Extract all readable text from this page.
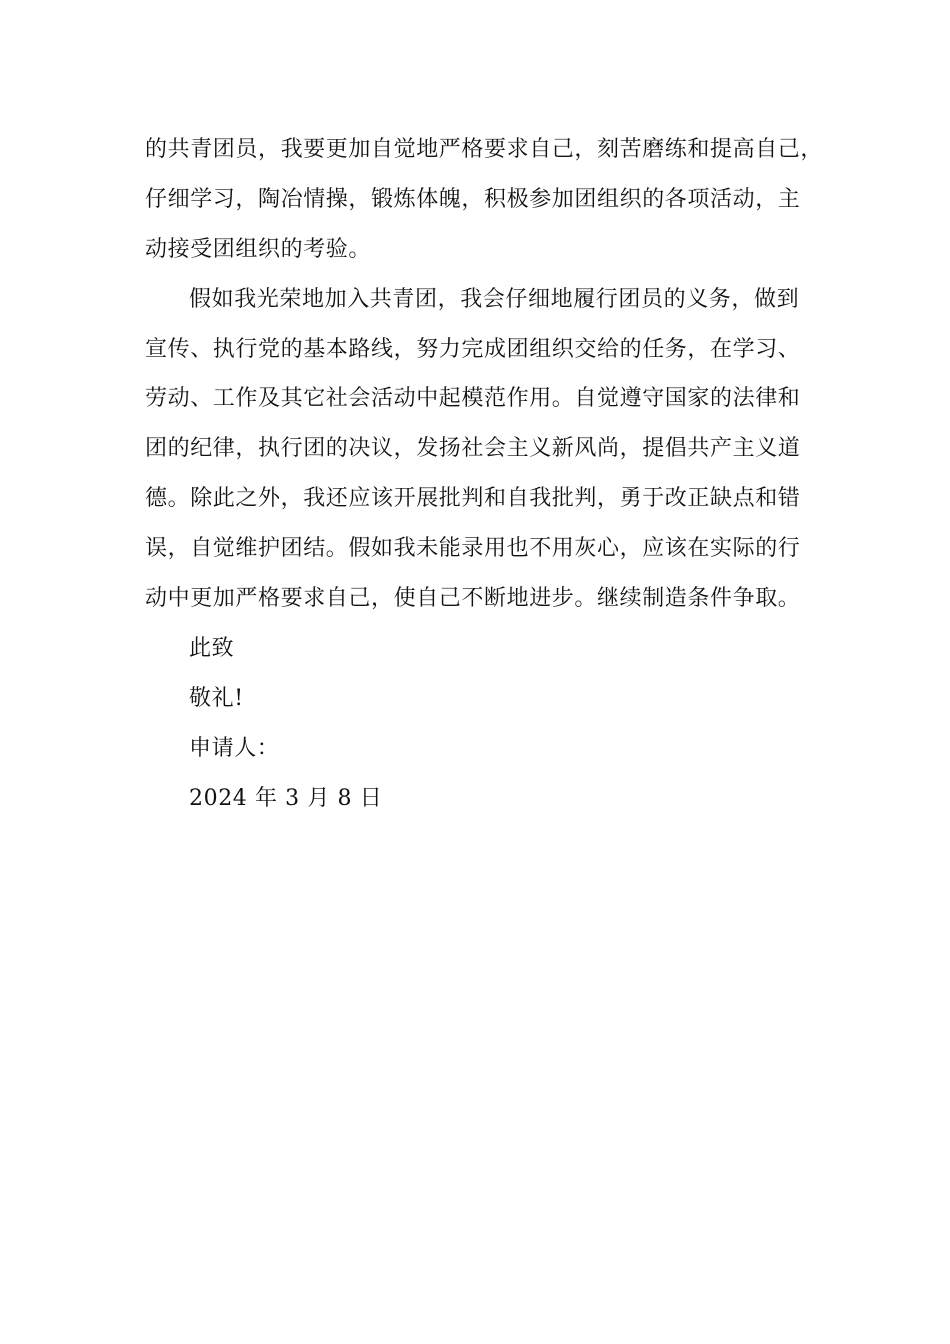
的共青团员，我要更加自觉地严格要求自己，刻苦磨练和提高自己，
仔细学习，陶冶情操，锻炼体魄，积极参加团组织的各项活动，主
动接受团组织的考验。
假如我光荣地加入共青团，我会仔细地履行团员的义务，做到
宣传、执行党的基本路线，努力完成团组织交给的任务，在学习、
劳动、工作及其它社会活动中起模范作用。自觉遵守国家的法律和
团的纪律，执行团的决议，发扬社会主义新风尚，提倡共产主义道
德。除此之外，我还应该开展批判和自我批判，勇于改正缺点和错
误，自觉维护团结。假如我未能录用也不用灰心，应该在实际的行
动中更加严格要求自己，使自己不断地进步。继续制造条件争取。
此致
敬礼!
申请人：
2024 年 3 月 8 日
